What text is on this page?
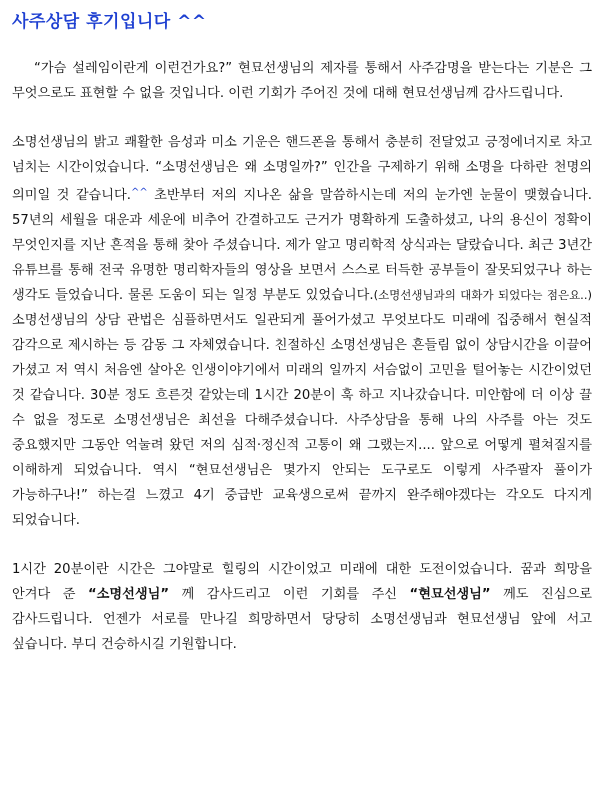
사주상담 후기입니다 ^^

“가슴 설레임이란게 이런건가요?” 현묘선생님의 제자를 통해서 사주감명을 받는다는 기분은 그 무엇으로도 표현할 수 없을 것입니다. 이런 기회가 주어진 것에 대해 현묘선생님께 감사드립니다.

소명선생님의 밝고 쾌활한 음성과 미소 기운은 핸드폰을 통해서 충분히 전달었고 긍정에너지로 차고 넘치는 시간이었습니다. “소명선생님은 왜 소명일까?” 인간을 구제하기 위해 소명을 다하란 천명의 의미일 것 같습니다.^^ 초반부터 저의 지나온 삶을 말씀하시는데 저의 눈가엔 눈물이 맺혔습니다. 57년의 세월을 대운과 세운에 비추어 간결하고도 근거가 명확하게 도출하셨고, 나의 용신이 정확이 무엇인지를 지난 흔적을 통해 찾아 주셨습니다. 제가 알고 명리학적 상식과는 달랐습니다. 최근 3년간 유튜브를 통해 전국 유명한 명리학자들의 영상을 보면서 스스로 터득한 공부들이 잘못되었구나 하는 생각도 들었습니다. 물론 도움이 되는 일정 부분도 있었습니다.(소명선생님과의 대화가 되었다는 점은요..) 소명선생님의 상담 관법은 심플하면서도 일관되게 풀어가셨고 무엇보다도 미래에 집중해서 현실적 감각으로 제시하는 등 감동 그 자체였습니다. 친절하신 소명선생님은 흔들림 없이 상담시간을 이끌어 가셨고 저 역시 처음엔 살아온 인생이야기에서 미래의 일까지 서슴없이 고민을 털어놓는 시간이었던 것 같습니다. 30분 정도 흐른것 같았는데 1시간 20분이 훅 하고 지나갔습니다. 미안함에 더 이상 끌 수 없을 정도로 소명선생님은 최선을 다해주셨습니다. 사주상담을 통해 나의 사주를 아는 것도 중요했지만 그동안 억눌려 왔던 저의 심적·정신적 고통이 왜 그랬는지.... 앞으로 어떻게 펼쳐질지를 이해하게 되었습니다. 역시 “현묘선생님은 몇가지 안되는 도구로도 이렇게 사주팔자 풀이가 가능하구나!” 하는걸 느꼈고 4기 중급반 교육생으로써 끝까지 완주해야겠다는 각오도 다지게 되었습니다.

1시간 20분이란 시간은 그야말로 힐링의 시간이었고 미래에 대한 도전이었습니다. 꿈과 희망을 안겨다 준 “소명선생님” 께 감사드리고 이런 기회를 주신 “현묘선생님” 께도 진심으로 감사드립니다. 언젠가 서로를 만나길 희망하면서 당당히 소명선생님과 현묘선생님 앞에 서고 싶습니다. 부디 건승하시길 기원합니다.
